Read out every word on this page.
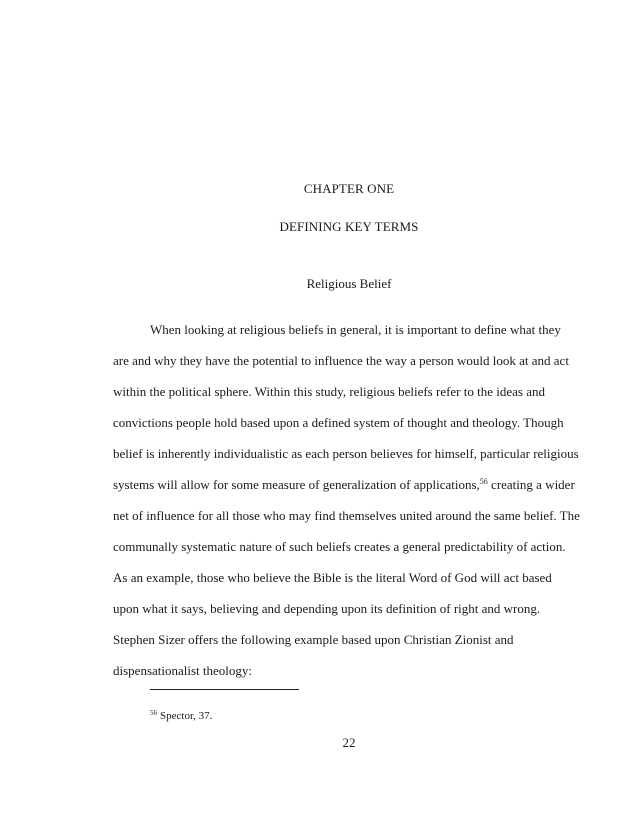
CHAPTER ONE
DEFINING KEY TERMS
Religious Belief
When looking at religious beliefs in general, it is important to define what they
are and why they have the potential to influence the way a person would look at and act
within the political sphere. Within this study, religious beliefs refer to the ideas and
convictions people hold based upon a defined system of thought and theology. Though
belief is inherently individualistic as each person believes for himself, particular religious
systems will allow for some measure of generalization of applications,$^{56}$ creating a wider
net of influence for all those who may find themselves united around the same belief. The
communally systematic nature of such beliefs creates a general predictability of action.
As an example, those who believe the Bible is the literal Word of God will act based
upon what it says, believing and depending upon its definition of right and wrong.
Stephen Sizer offers the following example based upon Christian Zionist and
dispensationalist theology:
$^{56}$ Spector, 37.
22
